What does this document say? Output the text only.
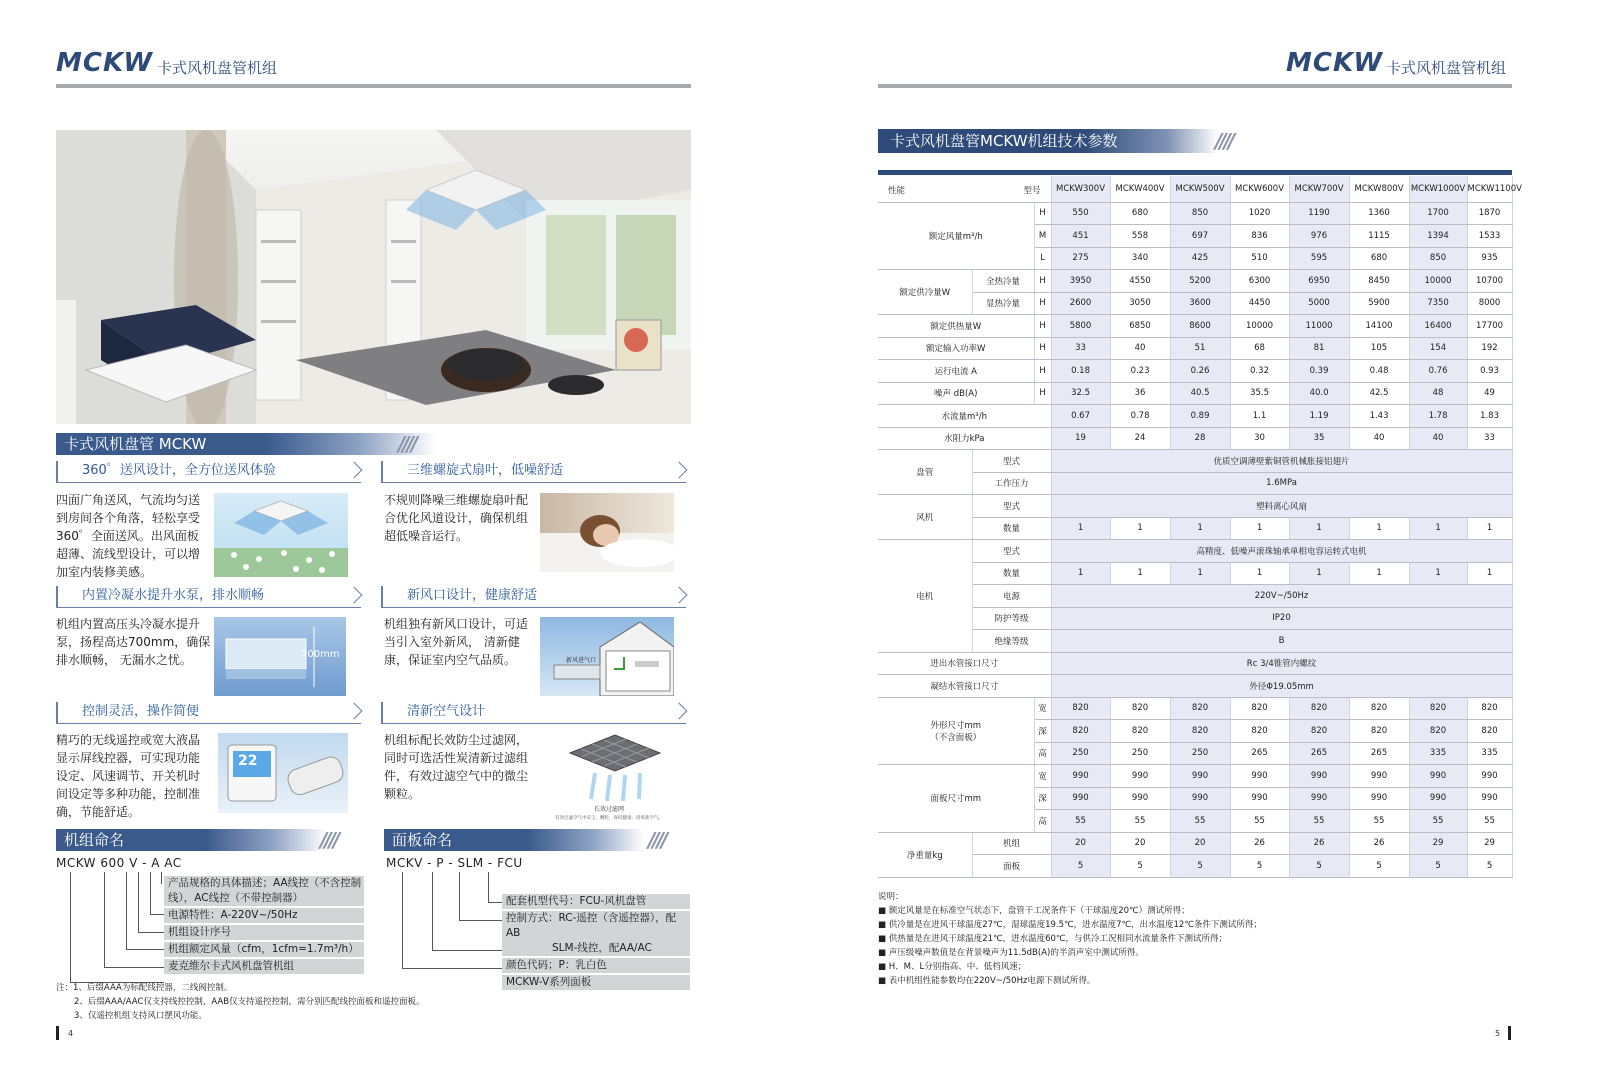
MCKW 卡式风机盘管机组
卡式风机盘管 MCKW	////
360゜送风设计，全方位送风体验
四面广角送风，气流均匀送
到房间各个角落，轻松享受
360゜全面送风。出风面板
超薄、流线型设计，可以增
加室内装修美感。
三维螺旋式扇叶，低噪舒适
不规则降噪三维螺旋扇叶配
合优化风道设计，确保机组
超低噪音运行。
内置冷凝水提升水泵，排水顺畅
机组内置高压头冷凝水提升
泵，扬程高达700mm，确保
排水顺畅， 无漏水之忧。	700mm
新风口设计，健康舒适
机组独有新风口设计，可适
当引入室外新风， 清新健
康，保证室内空气品质。	新风进气口
控制灵活，操作简便
精巧的无线遥控或宽大液晶
显示屏线控器，可实现功能
设定、风速调节、开关机时
间设定等多种功能，控制准
确，节能舒适。
22
清新空气设计
机组标配长效防尘过滤网，
同时可选活性炭清新过滤组
件，有效过滤空气中的微尘
颗粒。
长效过滤网
有效过滤空气中灰尘、颗粒，保持健康、清爽新空气。
机组命名	////	面板命名	////
MCKW 600 V - A AC
产品规格的具体描述；AA线控（不含控制
线），AC线控（不带控制器）
电源特性：A-220V~/50Hz
机组设计序号
机组额定风量（cfm，1cfm=1.7m³/h）
麦克维尔卡式风机盘管机组
MCKV - P - SLM - FCU
配套机型代号：FCU-风机盘管
控制方式：RC-遥控（含遥控器），配AB
SLM-线控，配AA/AC
颜色代码；P：乳白色
MCKW-V系列面板
注：1、后缀AAA为标配线控器，二线阀控制。
2、后缀AAA/AAC仅支持线控控制，AAB仅支持遥控控制，需分别匹配线控面板和遥控面板。
3、仅遥控机组支持风口摆风功能。
4
MCKW 卡式风机盘管机组
卡式风机盘管MCKW机组技术参数	////
性能 型号			MCKW300V	MCKW400V	MCKW500V	MCKW600V	MCKW700V	MCKW800V	MCKW1000V	MCKW1100V
额定风量m³/h		H	550	680	850	1020	1190	1360	1700	1870
		M	451	558	697	836	976	1115	1394	1533
		L	275	340	425	510	595	680	850	935
额定供冷量W	全热冷量	H	3950	4550	5200	6300	6950	8450	10000	10700
	显热冷量	H	2600	3050	3600	4450	5000	5900	7350	8000
额定供热量W		H	5800	6850	8600	10000	11000	14100	16400	17700
额定输入功率W		H	33	40	51	68	81	105	154	192
运行电流 A		H	0.18	0.23	0.26	0.32	0.39	0.48	0.76	0.93
噪声 dB(A)		H	32.5	36	40.5	35.5	40.0	42.5	48	49
水流量m³/h			0.67	0.78	0.89	1.1	1.19	1.43	1.78	1.83
水阻力kPa			19	24	28	30	35	40	40	33
盘管	型式		优质空调薄壁紫铜管机械胀接铝翅片							
	工作压力		1.6MPa							
风机	型式		塑料离心风扇							
	数量		1	1	1	1	1	1	1	1
电机	型式		高精度、低噪声滚珠轴承单相电容运转式电机							
	数量		1	1	1	1	1	1	1	1
	电源		220V~/50Hz							
	防护等级		IP20							
	绝缘等级		B							
进出水管接口尺寸			Rc 3/4锥管内螺纹							
凝结水管接口尺寸			外径Φ19.05mm							

外形尺寸mm
（不含面板）		宽	820	820	820	820	820	820	820	820
		深	820	820	820	820	820	820	820	820
		高	250	250	250	265	265	265	335	335
面板尺寸mm		宽	990	990	990	990	990	990	990	990
		深	990	990	990	990	990	990	990	990
		高	55	55	55	55	55	55	55	55
净重量kg	机组		20	20	20	26	26	26	29	29
	面板		5	5	5	5	5	5	5	5
说明：
■ 额定风量是在标准空气状态下，盘管干工况条件下（干球温度20℃）测试所得；
■ 供冷量是在进风干球温度27℃，湿球温度19.5℃，进水温度7℃，出水温度12℃条件下测试所得；
■ 供热量是在进风干球温度21℃，进水温度60℃，与供冷工况相同水流量条件下测试所得；
■ 声压级噪声数值是在背景噪声为11.5dB(A)的半消声室中测试所得。
■ H、M、L分别指高、中、低档风速；
■ 表中机组性能参数均在220V~/50Hz电源下测试所得。
5
